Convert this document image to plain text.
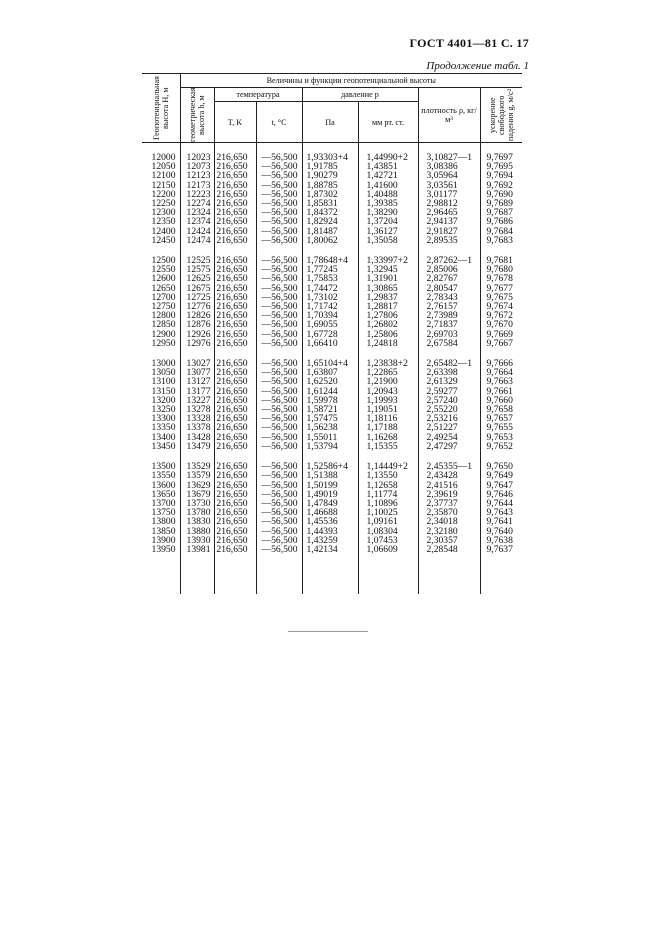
ГОСТ 4401—81 С. 17
Продолжение табл. 1
Геопотенциальная высота H, м	Величины и функции геопотенциальной высоты						

	геометрическая высота h, м	температура		давление p		плотность ρ, кг/м³	ускорение свободного падения g, м/с²

		T, K	t, °C	Па	мм рт. ст.		
12000	12023	216,650	—56,500	1,93303+4	1,44990+2	3,10827—1	9,7697
12050	12073	216,650	—56,500	1,91785	1,43851	3,08386	9,7695
12100	12123	216,650	—56,500	1,90279	1,42721	3,05964	9,7694
12150	12173	216,650	—56,500	1,88785	1,41600	3,03561	9,7692
12200	12223	216,650	—56,500	1,87302	1,40488	3,01177	9,7690
12250	12274	216,650	—56,500	1,85831	1,39385	2,98812	9,7689
12300	12324	216,650	—56,500	1,84372	1,38290	2,96465	9,7687
12350	12374	216,650	—56,500	1,82924	1,37204	2,94137	9,7686
12400	12424	216,650	—56,500	1,81487	1,36127	2,91827	9,7684
12450	12474	216,650	—56,500	1,80062	1,35058	2,89535	9,7683

12500	12525	216,650	—56,500	1,78648+4	1,33997+2	2,87262—1	9,7681
12550	12575	216,650	—56,500	1,77245	1,32945	2,85006	9,7680
12600	12625	216,650	—56,500	1,75853	1,31901	2,82767	9,7678
12650	12675	216,650	—56,500	1,74472	1,30865	2,80547	9,7677
12700	12725	216,650	—56,500	1,73102	1,29837	2,78343	9,7675
12750	12776	216,650	—56,500	1,71742	1,28817	2,76157	9,7674
12800	12826	216,650	—56,500	1,70394	1,27806	2,73989	9,7672
12850	12876	216,650	—56,500	1,69055	1,26802	2,71837	9,7670
12900	12926	216,650	—56,500	1,67728	1,25806	2,69703	9,7669
12950	12976	216,650	—56,500	1,66410	1,24818	2,67584	9,7667

13000	13027	216,650	—56,500	1,65104+4	1,23838+2	2,65482—1	9,7666
13050	13077	216,650	—56,500	1,63807	1,22865	2,63398	9,7664
13100	13127	216,650	—56,500	1,62520	1,21900	2,61329	9,7663
13150	13177	216,650	—56,500	1,61244	1,20943	2,59277	9,7661
13200	13227	216,650	—56,500	1,59978	1,19993	2,57240	9,7660
13250	13278	216,650	—56,500	1,58721	1,19051	2,55220	9,7658
13300	13328	216,650	—56,500	1,57475	1,18116	2,53216	9,7657
13350	13378	216,650	—56,500	1,56238	1,17188	2,51227	9,7655
13400	13428	216,650	—56,500	1,55011	1,16268	2,49254	9,7653
13450	13479	216,650	—56,500	1,53794	1,15355	2,47297	9,7652

13500	13529	216,650	—56,500	1,52586+4	1,14449+2	2,45355—1	9,7650
13550	13579	216,650	—56,500	1,51388	1,13550	2,43428	9,7649
13600	13629	216,650	—56,500	1,50199	1,12658	2,41516	9,7647
13650	13679	216,650	—56,500	1,49019	1,11774	2,39619	9,7646
13700	13730	216,650	—56,500	1,47849	1,10896	2,37737	9,7644
13750	13780	216,650	—56,500	1,46688	1,10025	2,35870	9,7643
13800	13830	216,650	—56,500	1,45536	1,09161	2,34018	9,7641
13850	13880	216,650	—56,500	1,44393	1,08304	2,32180	9,7640
13900	13930	216,650	—56,500	1,43259	1,07453	2,30357	9,7638
13950	13981	216,650	—56,500	1,42134	1,06609	2,28548	9,7637
